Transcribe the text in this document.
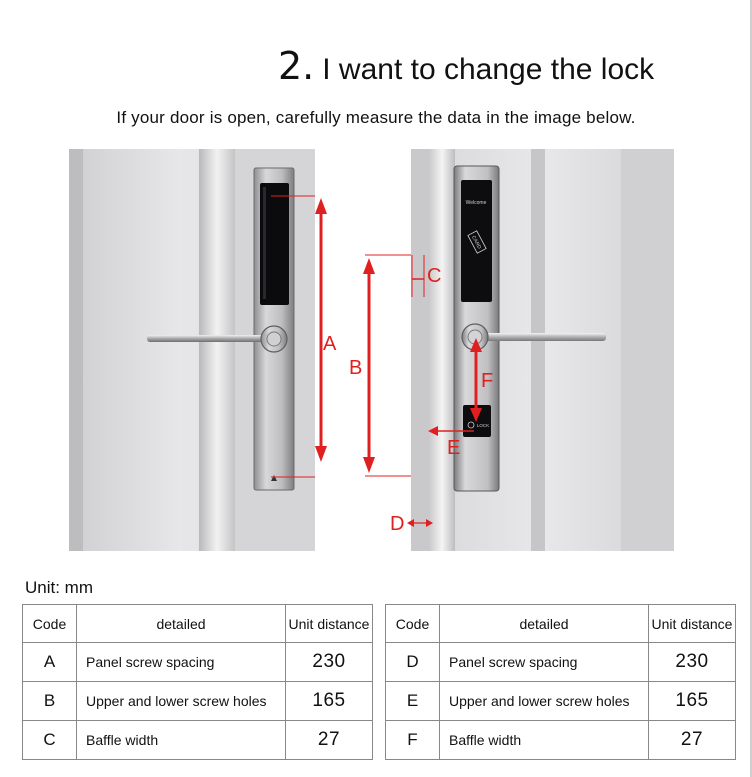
2. I want to change the lock
If your door is open, carefully measure the data in the image below.
A
B
Welcome
CARD
LOCK
C
F
E
D
Unit: mm
Code	detailed	Unit distance
A	Panel screw spacing	230
B	Upper and lower screw holes	165
C	Baffle width	27
Code	detailed	Unit distance
D	Panel screw spacing	230
E	Upper and lower screw holes	165
F	Baffle width	27
